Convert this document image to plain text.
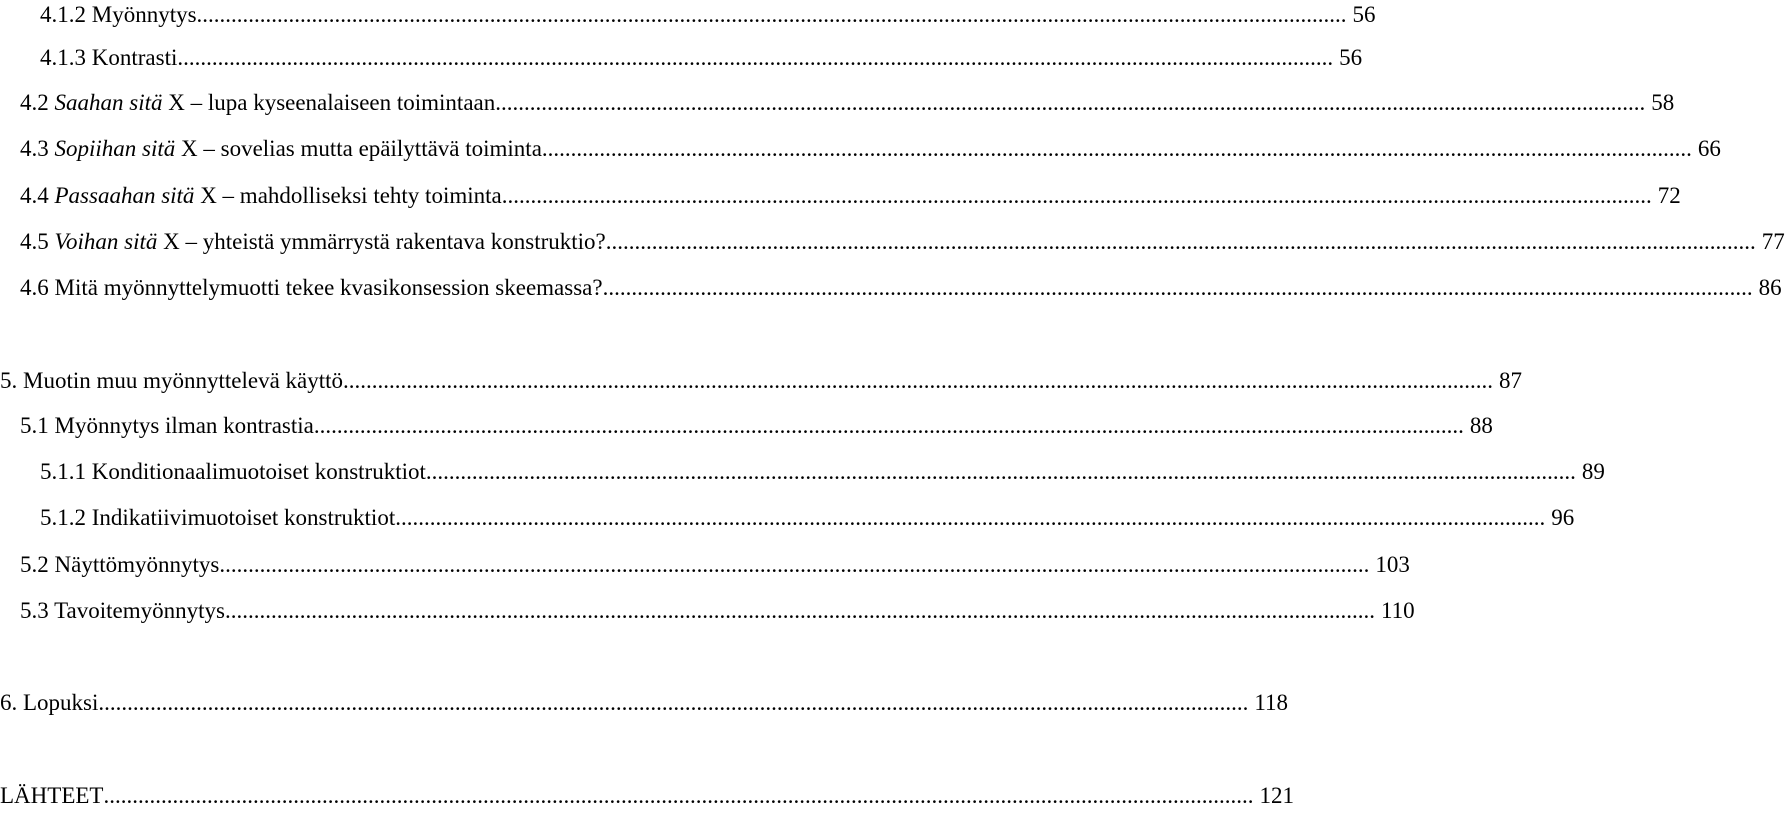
4.1.2 Myönnytys ........................................................................................................................................................................................................ 56
4.1.3 Kontrasti. ........................................................................................................................................................................................................ 56
4.2 Saahan sitä X – lupa kyseenalaiseen toimintaan ........................................................................................................................................................................................................ 58
4.3 Sopiihan sitä X – sovelias mutta epäilyttävä toiminta ........................................................................................................................................................................................................ 66
4.4 Passaahan sitä X – mahdolliseksi tehty toiminta ........................................................................................................................................................................................................ 72
4.5 Voihan sitä X – yhteistä ymmärrystä rakentava konstruktio? ........................................................................................................................................................................................................ 77
4.6 Mitä myönnyttelymuotti tekee kvasikonsession skeemassa? ........................................................................................................................................................................................................ 86
5. Muotin muu myönnyttelevä käyttö ........................................................................................................................................................................................................ 87
5.1 Myönnytys ilman kontrastia ........................................................................................................................................................................................................ 88
5.1.1 Konditionaalimuotoiset konstruktiot ........................................................................................................................................................................................................ 89
5.1.2 Indikatiivimuotoiset konstruktiot ........................................................................................................................................................................................................ 96
5.2 Näyttömyönnytys ........................................................................................................................................................................................................ 103
5.3 Tavoitemyönnytys ........................................................................................................................................................................................................ 110
6. Lopuksi ........................................................................................................................................................................................................ 118
LÄHTEET ........................................................................................................................................................................................................ 121
